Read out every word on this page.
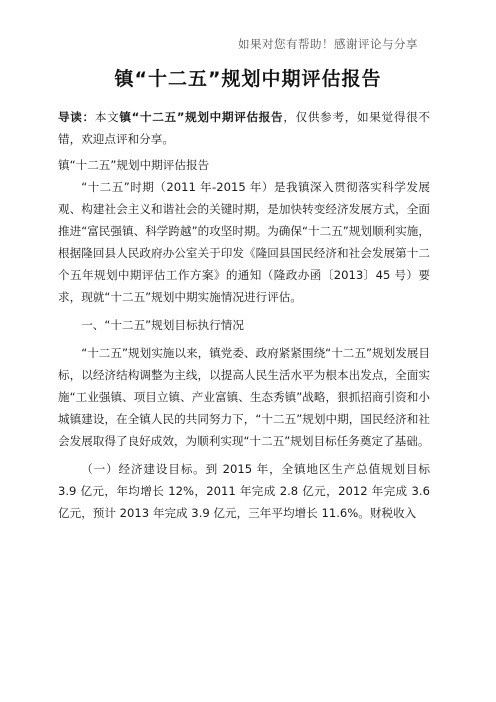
如果对您有帮助！感谢评论与分享
镇“十二五”规划中期评估报告

导读：本文镇“十二五”规划中期评估报告，仅供参考，如果觉得很不错，欢迎点评和分享。

镇“十二五”规划中期评估报告

“十二五”时期（2011 年-2015 年）是我镇深入贯彻落实科学发展观、构建社会主义和谐社会的关键时期，是加快转变经济发展方式，全面推进“富民强镇、科学跨越”的攻坚时期。为确保“十二五”规划顺利实施，根据隆回县人民政府办公室关于印发《隆回县国民经济和社会发展第十二个五年规划中期评估工作方案》的通知（隆政办函〔2013〕45 号）要求，现就“十二五”规划中期实施情况进行评估。

一、“十二五”规划目标执行情况

“十二五”规划实施以来，镇党委、政府紧紧围绕“十二五”规划发展目标，以经济结构调整为主线，以提高人民生活水平为根本出发点，全面实施“工业强镇、项目立镇、产业富镇、生态秀镇”战略，狠抓招商引资和小城镇建设，在全镇人民的共同努力下，“十二五”规划中期，国民经济和社会发展取得了良好成效，为顺利实现“十二五”规划目标任务奠定了基础。

（一）经济建设目标。到 2015 年，全镇地区生产总值规划目标 3.9 亿元，年均增长 12%，2011 年完成 2.8 亿元，2012 年完成 3.6 亿元，预计 2013 年完成 3.9 亿元，三年平均增长 11.6%。财税收入
